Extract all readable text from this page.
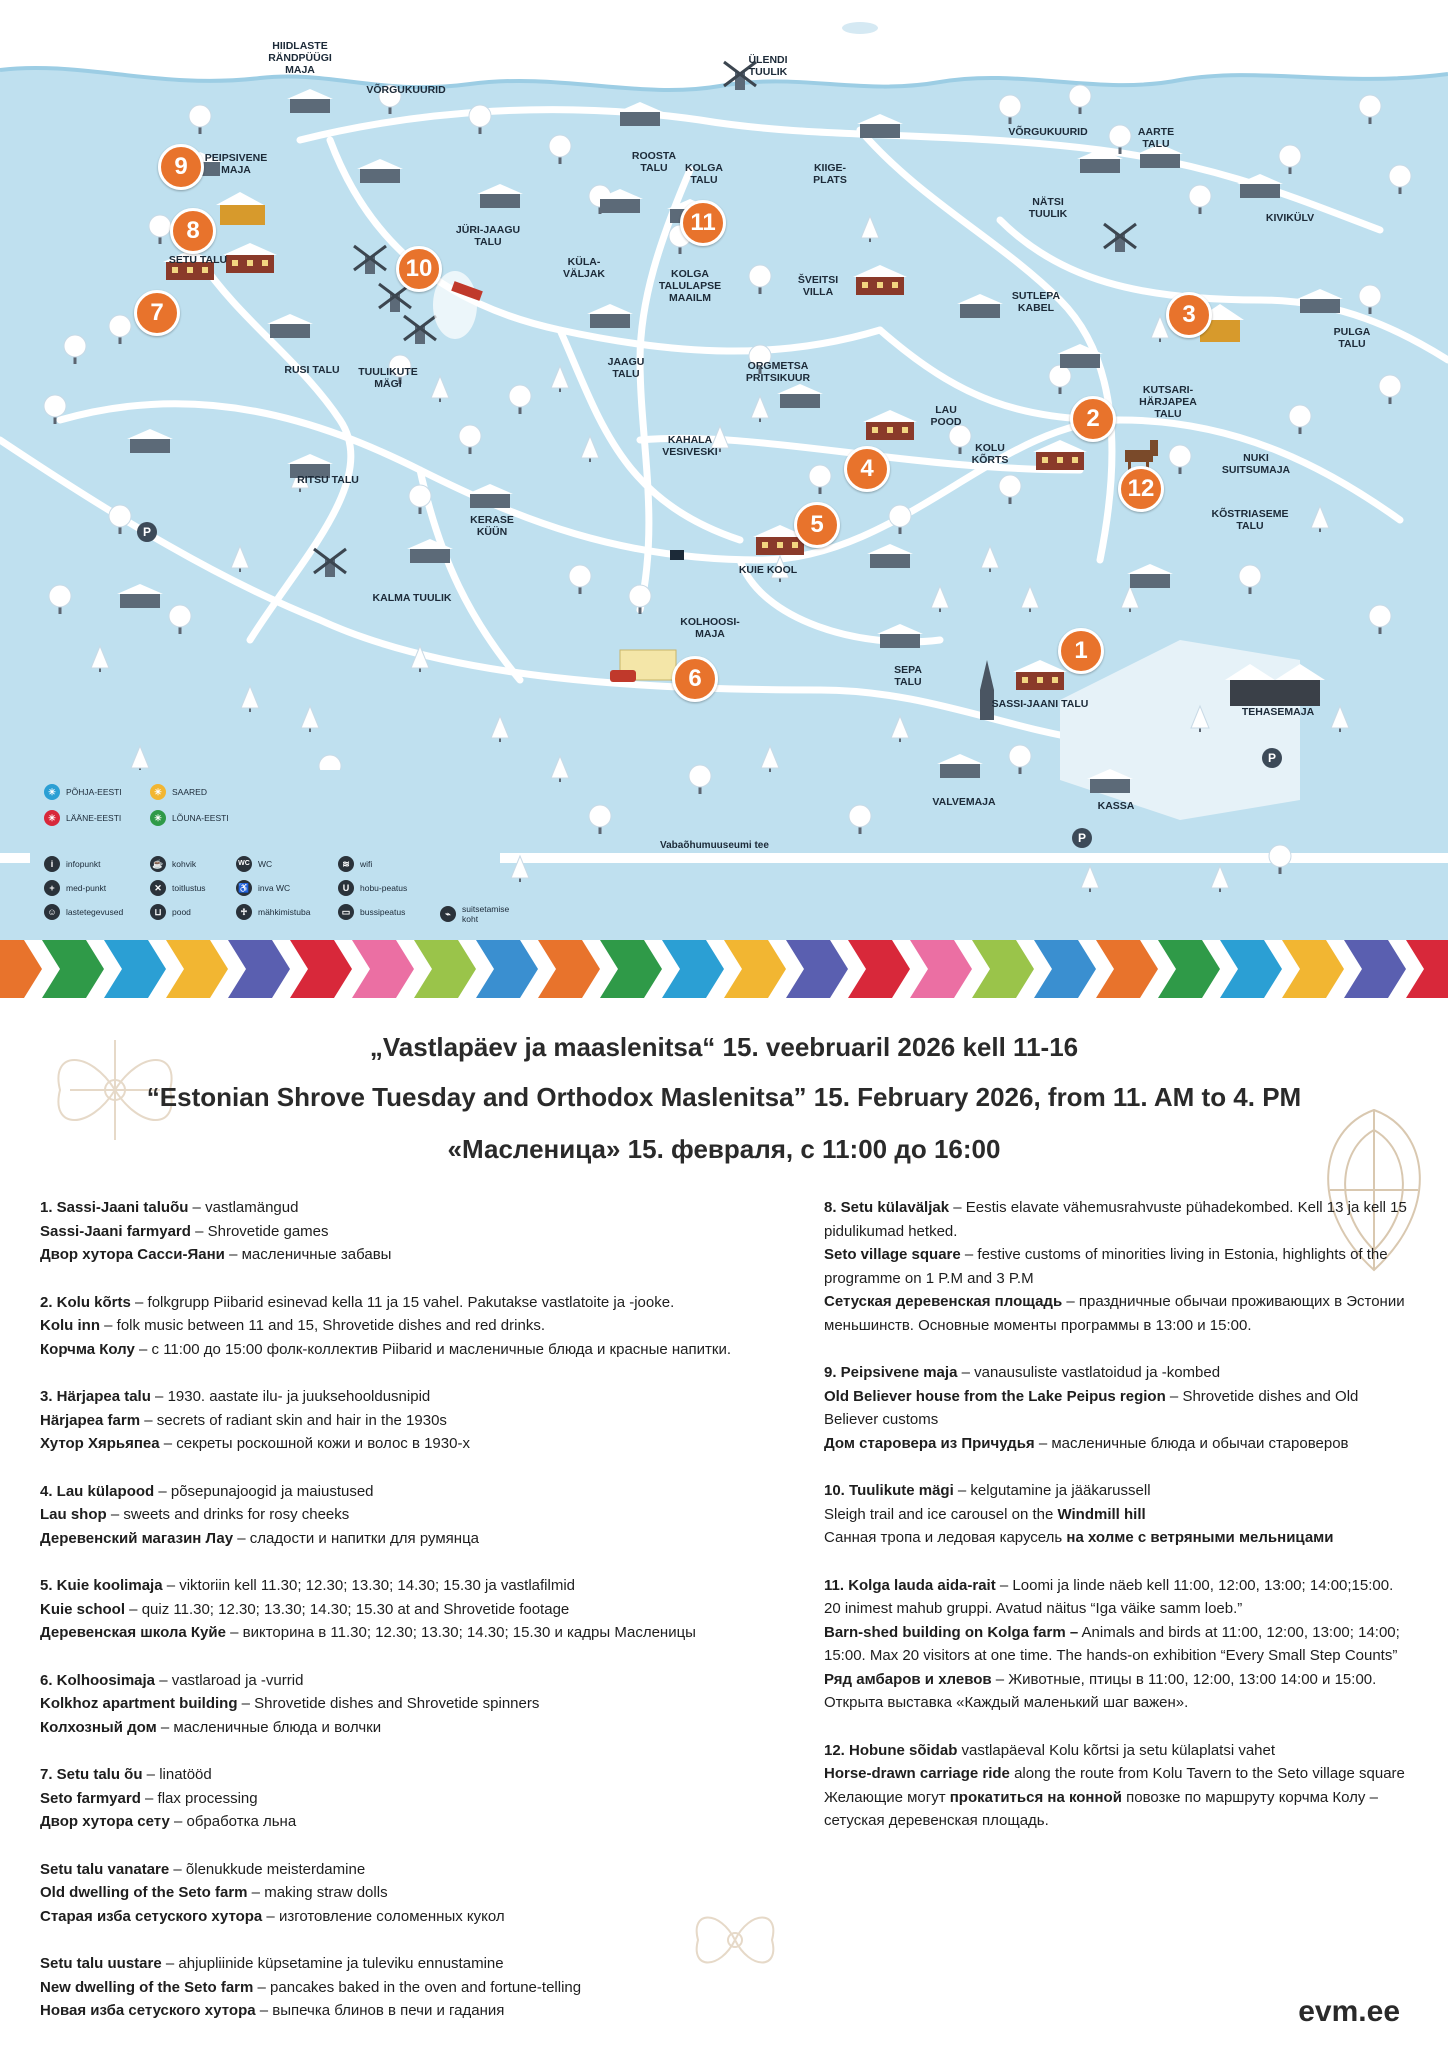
HIIDLASTE
RÄNDPÜÜGI
MAJA
VÕRGUKUURID
ÜLENDI
TUULIK
PEIPSIVENE
MAJA
ROOSTA
TALU	KOLGA
TALU
KIIGE-
PLATS
VÕRGUKUURID	AARTE
TALU
NÄTSI
TUULIK	KIVIKÜLV
JÜRI-JAAGU
TALU
KÜLA-
VÄLJAK	KOLGA
TALULAPSE
MAAILM
ŠVEITSI
VILLA	SUTLEPA
KABEL
SETU TALU
PULGA
TALU
RUSI TALU TUULIKUTE
MÄGI
JAAGU
TALU
ORGMETSA
PRITSIKUUR
KUTSARI-
HÄRJAPEA
TALU
LAU
POOD
KAHALA
VESIVESKI	KOLU
KÕRTS	NUKI
SUITSUMAJA
RITSU TALU
KÕSTRIASEME
TALU
KERASE
KÜÜN
KUIE KOOL
KALMA TUULIK
KOLHOOSI-
MAJA
SEPA
TALU
SASSI-JAANI TALU
TEHASEMAJA
VALVEMAJA	KASSA
1
2
3
4
5
6
7
8
9
10
11
12
P
P
P
Vabaõhumuuseumi tee
✳	PÕHJA-EESTI	✳	SAARED
✳	LÄÄNE-EESTI	✳	LÕUNA-EESTI
i	infopunkt	☕ kohvik	WC WC	≋	wifi
+	med-punkt	✕	toitlustus	♿ inva WC	U	hobu-peatus
☺	lastetegevused	⊔	pood	♱	mähkimistuba	▭	bussipeatus	⌁	suitsetamise
koht
„Vastlapäev ja maaslenitsa“ 15. veebruaril 2026 kell 11-16
“Estonian Shrove Tuesday and Orthodox Maslenitsa” 15. February 2026, from 11. AM to 4. PM
«Масленица» 15. февраля, с 11:00 до 16:00

1. Sassi-Jaani taluõu – vastlamängud
Sassi-Jaani farmyard – Shrovetide games
Двор хутора Сасси-Яани – масленичные забавы

2. Kolu kõrts – folkgrupp Piibarid esinevad kella 11 ja 15 vahel. Pakutakse vastlatoite ja -jooke.
Kolu inn – folk music between 11 and 15, Shrovetide dishes and red drinks.
Корчма Колу – с 11:00 до 15:00 фолк-коллектив Piibarid и масленичные блюда и красные напитки.

3. Härjapea talu – 1930. aastate ilu- ja juuksehooldusnipid
Härjapea farm – secrets of radiant skin and hair in the 1930s
Хутор Хярьяпеа – секреты роскошной кожи и волос в 1930-х

4. Lau külapood – põsepunajoogid ja maiustused
Lau shop – sweets and drinks for rosy cheeks
Деревенский магазин Лау – сладости и напитки для румянца

5. Kuie koolimaja – viktoriin kell 11.30; 12.30; 13.30; 14.30; 15.30 ja vastlafilmid
Kuie school – quiz 11.30; 12.30; 13.30; 14.30; 15.30 at and Shrovetide footage
Деревенская школа Куйе – викторина в 11.30; 12.30; 13.30; 14.30; 15.30 и кадры Масленицы

6. Kolhoosimaja – vastlaroad ja -vurrid
Kolkhoz apartment building – Shrovetide dishes and Shrovetide spinners
Колхозный дом – масленичные блюда и волчки

7. Setu talu õu – linatööd
Seto farmyard – flax processing
Двор хутора сету – обработка льна

Setu talu vanatare – õlenukkude meisterdamine
Old dwelling of the Seto farm – making straw dolls
Старая изба сетуского хутора – изготовление соломенных кукол

Setu talu uustare – ahjupliinide küpsetamine ja tuleviku ennustamine
New dwelling of the Seto farm – pancakes baked in the oven and fortune-telling
Новая изба сетуского хутора – выпечка блинов в печи и гадания

8. Setu külaväljak – Eestis elavate vähemusrahvuste pühadekombed. Kell 13 ja kell 15 pidulikumad hetked.
Seto village square – festive customs of minorities living in Estonia, highlights of the programme on 1 P.M and 3 P.M
Сетуская деревенская площадь – праздничные обычаи проживающих в Эстонии меньшинств. Основные моменты программы в 13:00 и 15:00.

9. Peipsivene maja – vanausuliste vastlatoidud ja -kombed
Old Believer house from the Lake Peipus region – Shrovetide dishes and Old Believer customs
Дом старовера из Причудья – масленичные блюда и обычаи староверов

10. Tuulikute mägi – kelgutamine ja jääkarussell
Sleigh trail and ice carousel on the Windmill hill
Санная тропа и ледовая карусель на холме с ветряными мельницами

11. Kolga lauda aida-rait – Loomi ja linde näeb kell 11:00, 12:00, 13:00; 14:00;15:00. 20 inimest mahub gruppi. Avatud näitus “Iga väike samm loeb.”
Barn-shed building on Kolga farm – Animals and birds at 11:00, 12:00, 13:00; 14:00; 15:00. Max 20 visitors at one time. The hands-on exhibition “Every Small Step Counts”
Ряд амбаров и хлевов – Животные, птицы в 11:00, 12:00, 13:00 14:00 и 15:00. Открыта выставка «Каждый маленький шаг важен».

12. Hobune sõidab vastlapäeval Kolu kõrtsi ja setu külaplatsi vahet
Horse-drawn carriage ride along the route from Kolu Tavern to the Seto village square
Желающие могут прокатиться на конной повозке по маршруту корчма Колу – сетуская деревенская площадь.

evm.ee
